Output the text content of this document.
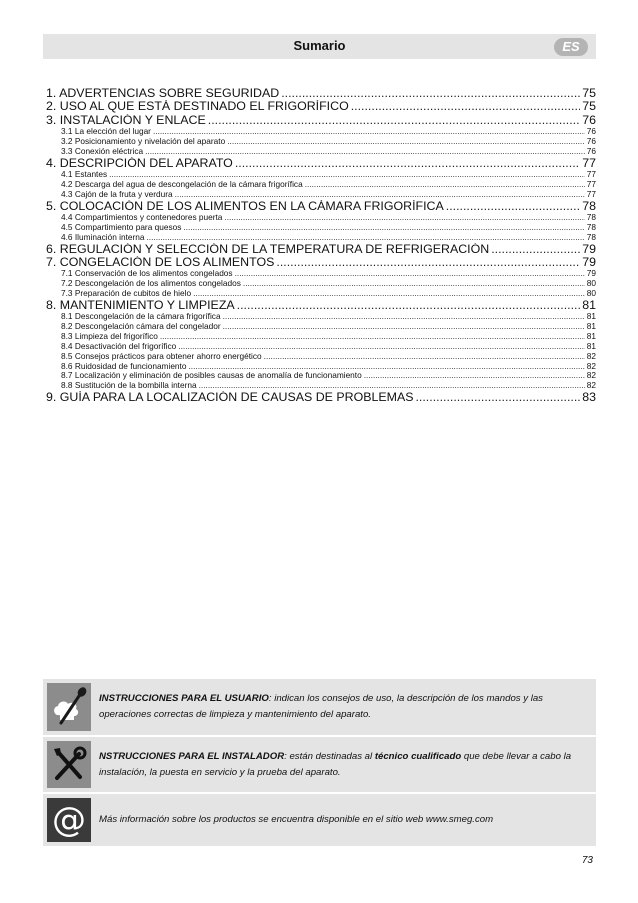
Sumario	ES
1. ADVERTENCIAS SOBRE SEGURIDAD .....	75
2. USO AL QUE ESTÁ DESTINADO EL FRIGORÍFICO .....	75
3. INSTALACIÓN Y ENLACE .....	76
3.1 La elección del lugar .....	76
3.2 Posicionamiento y nivelación del aparato .....	76
3.3 Conexión eléctrica .....	76
4. DESCRIPCIÓN DEL APARATO .....	77
4.1 Estantes .....	77
4.2 Descarga del agua de descongelación de la cámara frigorífica .....	77
4.3 Cajón de la fruta y verdura .....	77
5. COLOCACIÓN DE LOS ALIMENTOS EN LA CÁMARA FRIGORÍFICA .....	78
4.4 Compartimientos y contenedores puerta .....	78
4.5 Compartimiento para quesos .....	78
4.6 Iluminación interna .....	78
6. REGULACIÓN Y SELECCIÓN DE LA TEMPERATURA DE REFRIGERACIÓN .....	79
7. CONGELACIÓN DE LOS ALIMENTOS .....	79
7.1 Conservación de los alimentos congelados .....	79
7.2 Descongelación de los alimentos congelados .....	80
7.3 Preparación de cubitos de hielo .....	80
8. MANTENIMIENTO Y LIMPIEZA .....	81
8.1 Descongelación de la cámara frigorífica .....	81
8.2 Descongelación cámara del congelador .....	81
8.3 Limpieza del frigorífico .....	81
8.4 Desactivación del frigorífico .....	81
8.5 Consejos prácticos para obtener ahorro energético .....	82
8.6 Ruidosidad de funcionamiento .....	82
8.7 Localización y eliminación de posibles causas de anomalía de funcionamiento .....	82
8.8 Sustitución de la bombilla interna .....	82
9. GUÍA PARA LA LOCALIZACIÓN DE CAUSAS DE PROBLEMAS .....	83
INSTRUCCIONES PARA EL USUARIO: indican los consejos de uso, la descripción de los mandos y las operaciones correctas de limpieza y mantenimiento del aparato.
NSTRUCCIONES PARA EL INSTALADOR: están destinadas al técnico cualificado que debe llevar a cabo la instalación, la puesta en servicio y la prueba del aparato.
@ Más información sobre los productos se encuentra disponible en el sitio web www.smeg.com
73
